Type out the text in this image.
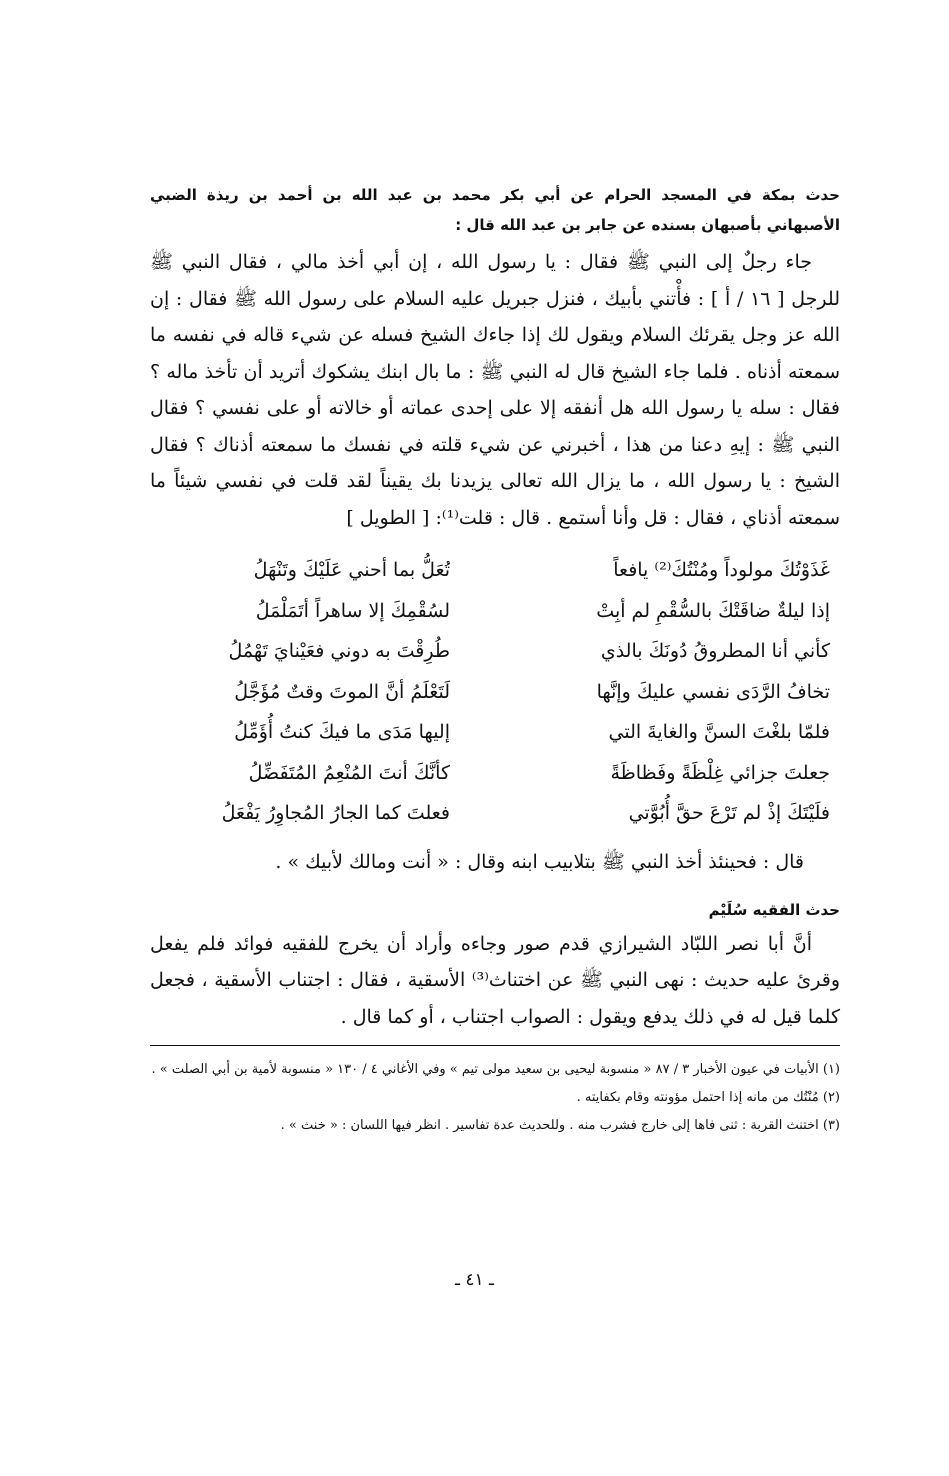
حدث بمكة في المسجد الحرام عن أبي بكر محمد بن عبد الله بن أحمد بن ريذة الضبي الأصبهاني بأصبهان بسنده عن جابر بن عبد الله قال :

جاء رجلٌ إلى النبي ﷺ فقال : يا رسول الله ، إن أبي أخذ مالي ، فقال النبي ﷺ للرجل [ ١٦ / أ ] : فأْتني بأبيك ، فنزل جبريل عليه السلام على رسول الله ﷺ فقال : إن الله عز وجل يقرئك السلام ويقول لك إذا جاءك الشيخ فسله عن شيء قاله في نفسه ما سمعته أذناه . فلما جاء الشيخ قال له النبي ﷺ : ما بال ابنك يشكوك أتريد أن تأخذ ماله ؟ فقال : سله يا رسول الله هل أنفقه إلا على إحدى عماته أو خالاته أو على نفسي ؟ فقال النبي ﷺ : إيهِ دعنا من هذا ، أخبرني عن شيء قلته في نفسك ما سمعته أذناك ؟ فقال الشيخ : يا رسول الله ، ما يزال الله تعالى يزيدنا بك يقيناً لقد قلت في نفسي شيئاً ما سمعته أذناي ، فقال : قل وأنا أستمع . قال : قلت⁽¹⁾: [ الطويل ]

غَذَوْتُكَ مولوداً ومُنْتُكَ⁽²⁾ يافعاً
تُعَلُّ بما أحني عَلَيْكَ وتَنْهَلُ
إذا ليلةٌ ضاقَتْكَ بالسُّقْمِ لم أبِتْ
لسُقْمِكَ إلا ساهراً أتَمَلْمَلُ
كأني أنا المطروقُ دُونَكَ بالذي
طُرِقْتَ به دوني فعَيْنايَ تَهْمُلُ
تخافُ الرَّدَى نفسي عليكَ وإنَّها
لَتَعْلَمُ أنَّ الموتَ وقتٌ مُؤَجَّلُ
فلمّا بلغْتَ السنَّ والغايةَ التي
إليها مَدَى ما فيكَ كنتُ أُؤَمِّلُ
جعلتَ جزائي غِلْظَةً وفَظاظَةً
كأنَّكَ أنتَ المُنْعِمُ المُتَفَضِّلُ
فلَيْتَكَ إذْ لم تَرْعَ حقَّ أُبُوَّتي
فعلتَ كما الجارُ المُجاوِرُ يَفْعَلُ

قال : فحينئذ أخذ النبي ﷺ بتلابيب ابنه وقال : « أنت ومالك لأبيك » .

حدث الفقيه سُلَيْم

أنَّ أبا نصر اللبّاد الشيرازي قدم صور وجاءه وأراد أن يخرج للفقيه فوائد فلم يفعل وقرئ عليه حديث : نهى النبي ﷺ عن اختناث⁽³⁾ الأسقية ، فقال : اجتناب الأسقية ، فجعل كلما قيل له في ذلك يدفع ويقول : الصواب اجتناب ، أو كما قال .

(١) الأبيات في عيون الأخبار ٣ / ٨٧ « منسوبة ليحيى بن سعيد مولى تيم » وفي الأغاني ٤ / ١٣٠ « منسوبة لأمية بن أبي الصلت » .

(٢) مُنْتُك من مانه إذا احتمل مؤونته وقام بكفايته .

(٣) اختنث القربة : ثنى فاها إلى خارج فشرب منه . وللحديث عدة تفاسير . انظر فيها اللسان : « خنث » .

ـ ٤١ ـ
